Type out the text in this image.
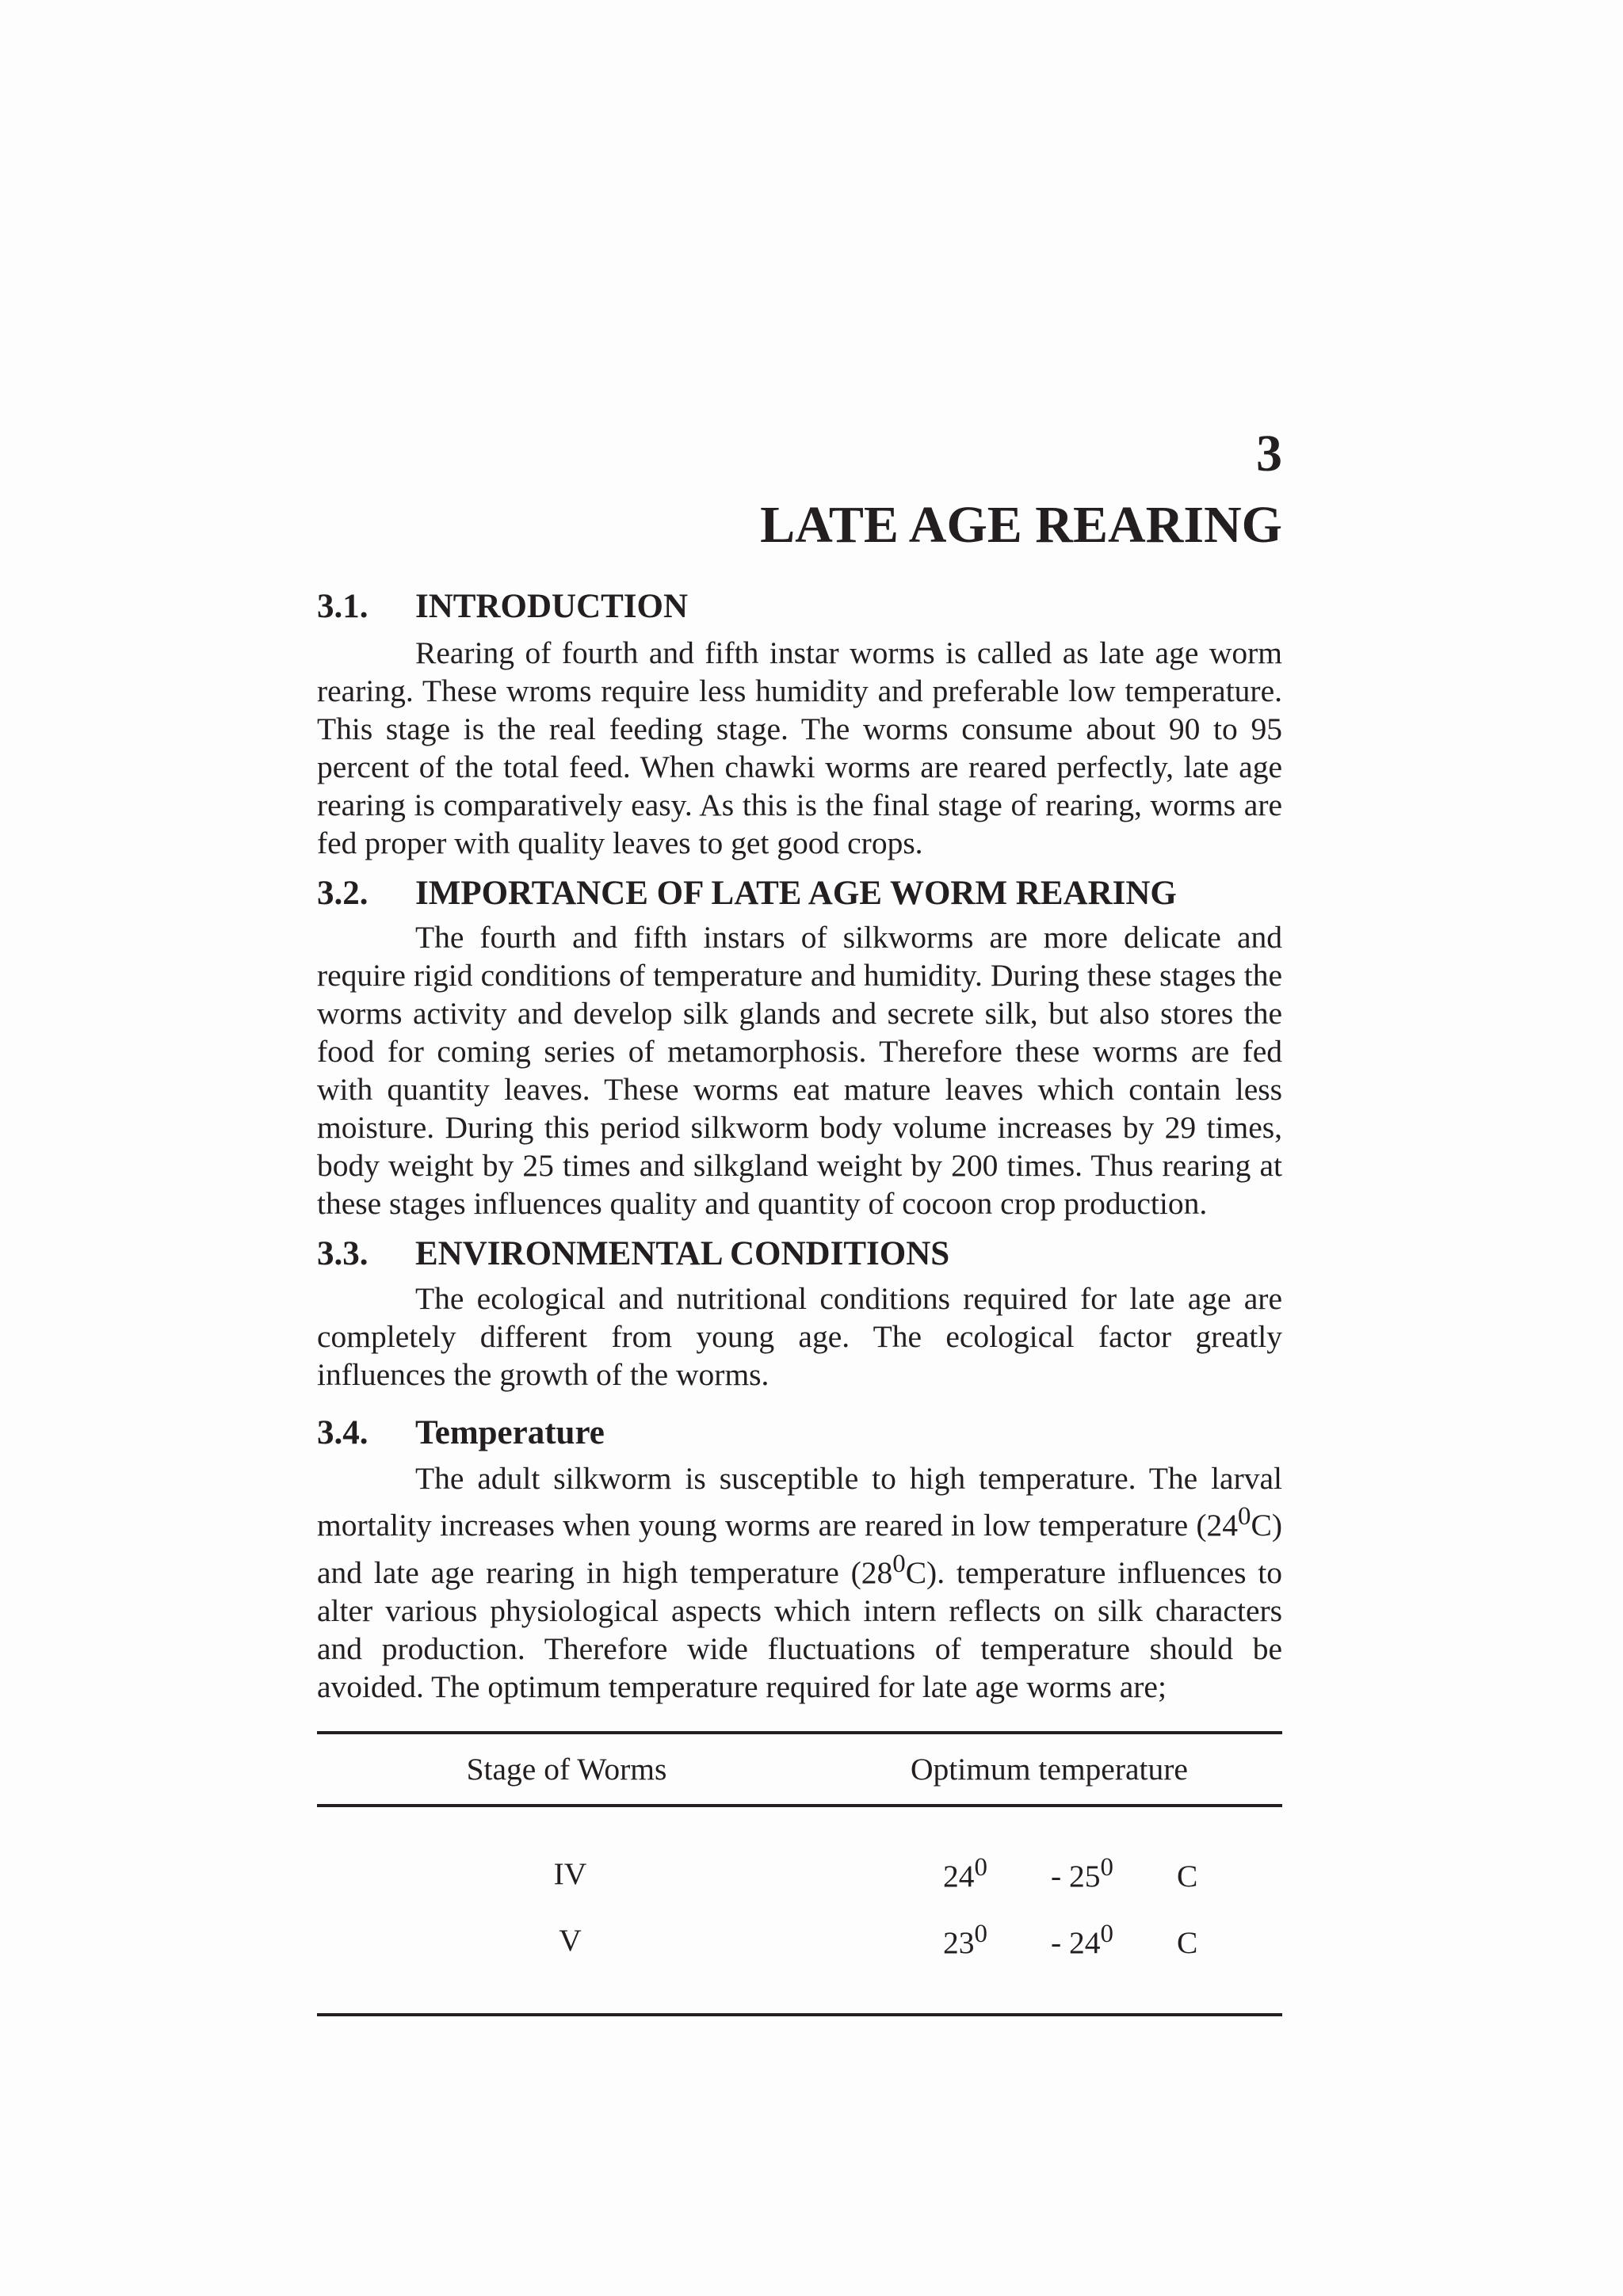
3
LATE AGE REARING
3.1.	INTRODUCTION

Rearing of fourth and fifth instar worms is called as late age worm rearing. These wroms require less humidity and preferable low temperature. This stage is the real feeding stage. The worms consume about 90 to 95 percent of the total feed. When chawki worms are reared perfectly, late age rearing is comparatively easy. As this is the final stage of rearing, worms are fed proper with quality leaves to get good crops.

3.2.	IMPORTANCE OF LATE AGE WORM REARING

The fourth and fifth instars of silkworms are more delicate and require rigid conditions of temperature and humidity. During these stages the worms activity and develop silk glands and secrete silk, but also stores the food for coming series of metamorphosis. Therefore these worms are fed with quantity leaves. These worms eat mature leaves which contain less moisture. During this period silkworm body volume increases by 29 times, body weight by 25 times and silkgland weight by 200 times. Thus rearing at these stages influences quality and quantity of cocoon crop production.

3.3.	ENVIRONMENTAL CONDITIONS

The ecological and nutritional conditions required for late age are completely different from young age. The ecological factor greatly influences the growth of the worms.

3.4.	Temperature

The adult silkworm is susceptible to high temperature. The larval mortality increases when young worms are reared in low temperature $(24^0C)$ and late age rearing in high temperature $(28^0C)$. temperature influences to alter various physiological aspects which intern reflects on silk characters and production. Therefore wide fluctuations of temperature should be avoided. The optimum temperature required for late age worms are;

Stage of Worms	Optimum temperature
IV	$24^0-$ $25^0$ C
V	$23^0-$ $24^0C$
